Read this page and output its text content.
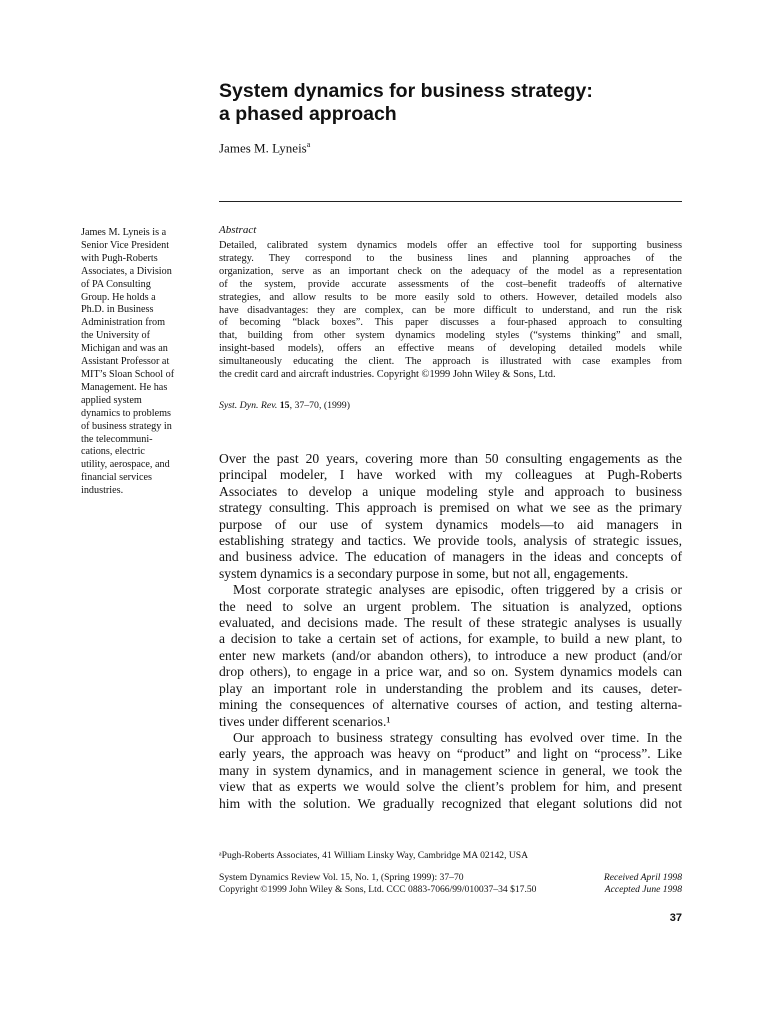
System dynamics for business strategy:
a phased approach
James M. Lyneis$^a$
James M. Lyneis is a
Senior Vice President
with Pugh-Roberts
Associates, a Division
of PA Consulting
Group. He holds a
Ph.D. in Business
Administration from
the University of
Michigan and was an
Assistant Professor at
MIT’s Sloan School of
Management. He has
applied system
dynamics to problems
of business strategy in
the telecommuni-
cations, electric
utility, aerospace, and
financial services
industries.
Abstract
Detailed, calibrated system dynamics models offer an effective tool for supporting business
strategy. They correspond to the business lines and planning approaches of the
organization, serve as an important check on the adequacy of the model as a representation
of the system, provide accurate assessments of the cost–benefit tradeoffs of alternative
strategies, and allow results to be more easily sold to others. However, detailed models also
have disadvantages: they are complex, can be more difficult to understand, and run the risk
of becoming “black boxes”. This paper discusses a four-phased approach to consulting
that, building from other system dynamics modeling styles (“systems thinking” and small,
insight-based models), offers an effective means of developing detailed models while
simultaneously educating the client. The approach is illustrated with case examples from
the credit card and aircraft industries. Copyright ©1999 John Wiley & Sons, Ltd.
Syst. Dyn. Rev. 15, 37–70, (1999)
Over the past 20 years, covering more than 50 consulting engagements as the
principal modeler, I have worked with my colleagues at Pugh-Roberts
Associates to develop a unique modeling style and approach to business
strategy consulting. This approach is premised on what we see as the primary
purpose of our use of system dynamics models—to aid managers in
establishing strategy and tactics. We provide tools, analysis of strategic issues,
and business advice. The education of managers in the ideas and concepts of
system dynamics is a secondary purpose in some, but not all, engagements.
Most corporate strategic analyses are episodic, often triggered by a crisis or
the need to solve an urgent problem. The situation is analyzed, options
evaluated, and decisions made. The result of these strategic analyses is usually
a decision to take a certain set of actions, for example, to build a new plant, to
enter new markets (and/or abandon others), to introduce a new product (and/or
drop others), to engage in a price war, and so on. System dynamics models can
play an important role in understanding the problem and its causes, deter-
mining the consequences of alternative courses of action, and testing alterna-
tives under different scenarios.¹
Our approach to business strategy consulting has evolved over time. In the
early years, the approach was heavy on “product” and light on “process”. Like
many in system dynamics, and in management science in general, we took the
view that as experts we would solve the client’s problem for him, and present
him with the solution. We gradually recognized that elegant solutions did not
ᵃPugh-Roberts Associates, 41 William Linsky Way, Cambridge MA 02142, USA
System Dynamics Review Vol. 15, No. 1, (Spring 1999): 37–70
Copyright ©1999 John Wiley & Sons, Ltd. CCC 0883-7066/99/010037–34 $17.50
Received April 1998
Accepted June 1998
37
